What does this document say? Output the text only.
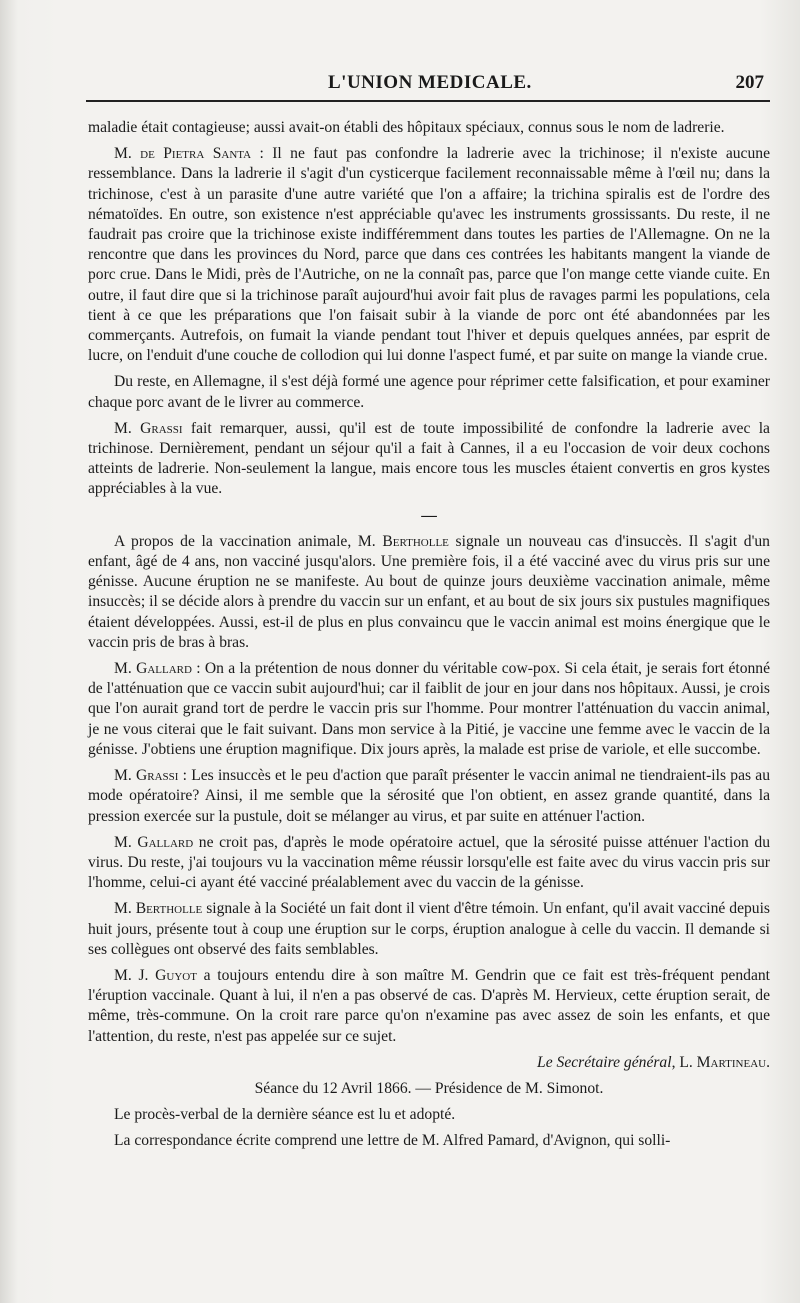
L'UNION MEDICALE.	207

maladie était contagieuse; aussi avait-on établi des hôpitaux spéciaux, connus sous le nom de ladrerie.

M. de Pietra Santa : Il ne faut pas confondre la ladrerie avec la trichinose; il n'existe aucune ressemblance. Dans la ladrerie il s'agit d'un cysticerque facilement reconnaissable même à l'œil nu; dans la trichinose, c'est à un parasite d'une autre variété que l'on a affaire; la trichina spiralis est de l'ordre des nématoïdes. En outre, son existence n'est appréciable qu'avec les instruments grossissants. Du reste, il ne faudrait pas croire que la trichinose existe indifféremment dans toutes les parties de l'Allemagne. On ne la rencontre que dans les provinces du Nord, parce que dans ces contrées les habitants mangent la viande de porc crue. Dans le Midi, près de l'Autriche, on ne la connaît pas, parce que l'on mange cette viande cuite. En outre, il faut dire que si la trichinose paraît aujourd'hui avoir fait plus de ravages parmi les populations, cela tient à ce que les préparations que l'on faisait subir à la viande de porc ont été abandonnées par les commerçants. Autrefois, on fumait la viande pendant tout l'hiver et depuis quelques années, par esprit de lucre, on l'enduit d'une couche de collodion qui lui donne l'aspect fumé, et par suite on mange la viande crue.

Du reste, en Allemagne, il s'est déjà formé une agence pour réprimer cette falsification, et pour examiner chaque porc avant de le livrer au commerce.

M. Grassi fait remarquer, aussi, qu'il est de toute impossibilité de confondre la ladrerie avec la trichinose. Dernièrement, pendant un séjour qu'il a fait à Cannes, il a eu l'occasion de voir deux cochons atteints de ladrerie. Non-seulement la langue, mais encore tous les muscles étaient convertis en gros kystes appréciables à la vue.

—

A propos de la vaccination animale, M. Bertholle signale un nouveau cas d'insuccès. Il s'agit d'un enfant, âgé de 4 ans, non vacciné jusqu'alors. Une première fois, il a été vacciné avec du virus pris sur une génisse. Aucune éruption ne se manifeste. Au bout de quinze jours deuxième vaccination animale, même insuccès; il se décide alors à prendre du vaccin sur un enfant, et au bout de six jours six pustules magnifiques étaient développées. Aussi, est-il de plus en plus convaincu que le vaccin animal est moins énergique que le vaccin pris de bras à bras.

M. Gallard : On a la prétention de nous donner du véritable cow-pox. Si cela était, je serais fort étonné de l'atténuation que ce vaccin subit aujourd'hui; car il faiblit de jour en jour dans nos hôpitaux. Aussi, je crois que l'on aurait grand tort de perdre le vaccin pris sur l'homme. Pour montrer l'atténuation du vaccin animal, je ne vous citerai que le fait suivant. Dans mon service à la Pitié, je vaccine une femme avec le vaccin de la génisse. J'obtiens une éruption magnifique. Dix jours après, la malade est prise de variole, et elle succombe.

M. Grassi : Les insuccès et le peu d'action que paraît présenter le vaccin animal ne tiendraient-ils pas au mode opératoire? Ainsi, il me semble que la sérosité que l'on obtient, en assez grande quantité, dans la pression exercée sur la pustule, doit se mélanger au virus, et par suite en atténuer l'action.

M. Gallard ne croit pas, d'après le mode opératoire actuel, que la sérosité puisse atténuer l'action du virus. Du reste, j'ai toujours vu la vaccination même réussir lorsqu'elle est faite avec du virus vaccin pris sur l'homme, celui-ci ayant été vacciné préalablement avec du vaccin de la génisse.

M. Bertholle signale à la Société un fait dont il vient d'être témoin. Un enfant, qu'il avait vacciné depuis huit jours, présente tout à coup une éruption sur le corps, éruption analogue à celle du vaccin. Il demande si ses collègues ont observé des faits semblables.

M. J. Guyot a toujours entendu dire à son maître M. Gendrin que ce fait est très-fréquent pendant l'éruption vaccinale. Quant à lui, il n'en a pas observé de cas. D'après M. Hervieux, cette éruption serait, de même, très-commune. On la croit rare parce qu'on n'examine pas avec assez de soin les enfants, et que l'attention, du reste, n'est pas appelée sur ce sujet.

Le Secrétaire général, L. Martineau.

Séance du 12 Avril 1866. — Présidence de M. Simonot.

Le procès-verbal de la dernière séance est lu et adopté.

La correspondance écrite comprend une lettre de M. Alfred Pamard, d'Avignon, qui solli-
